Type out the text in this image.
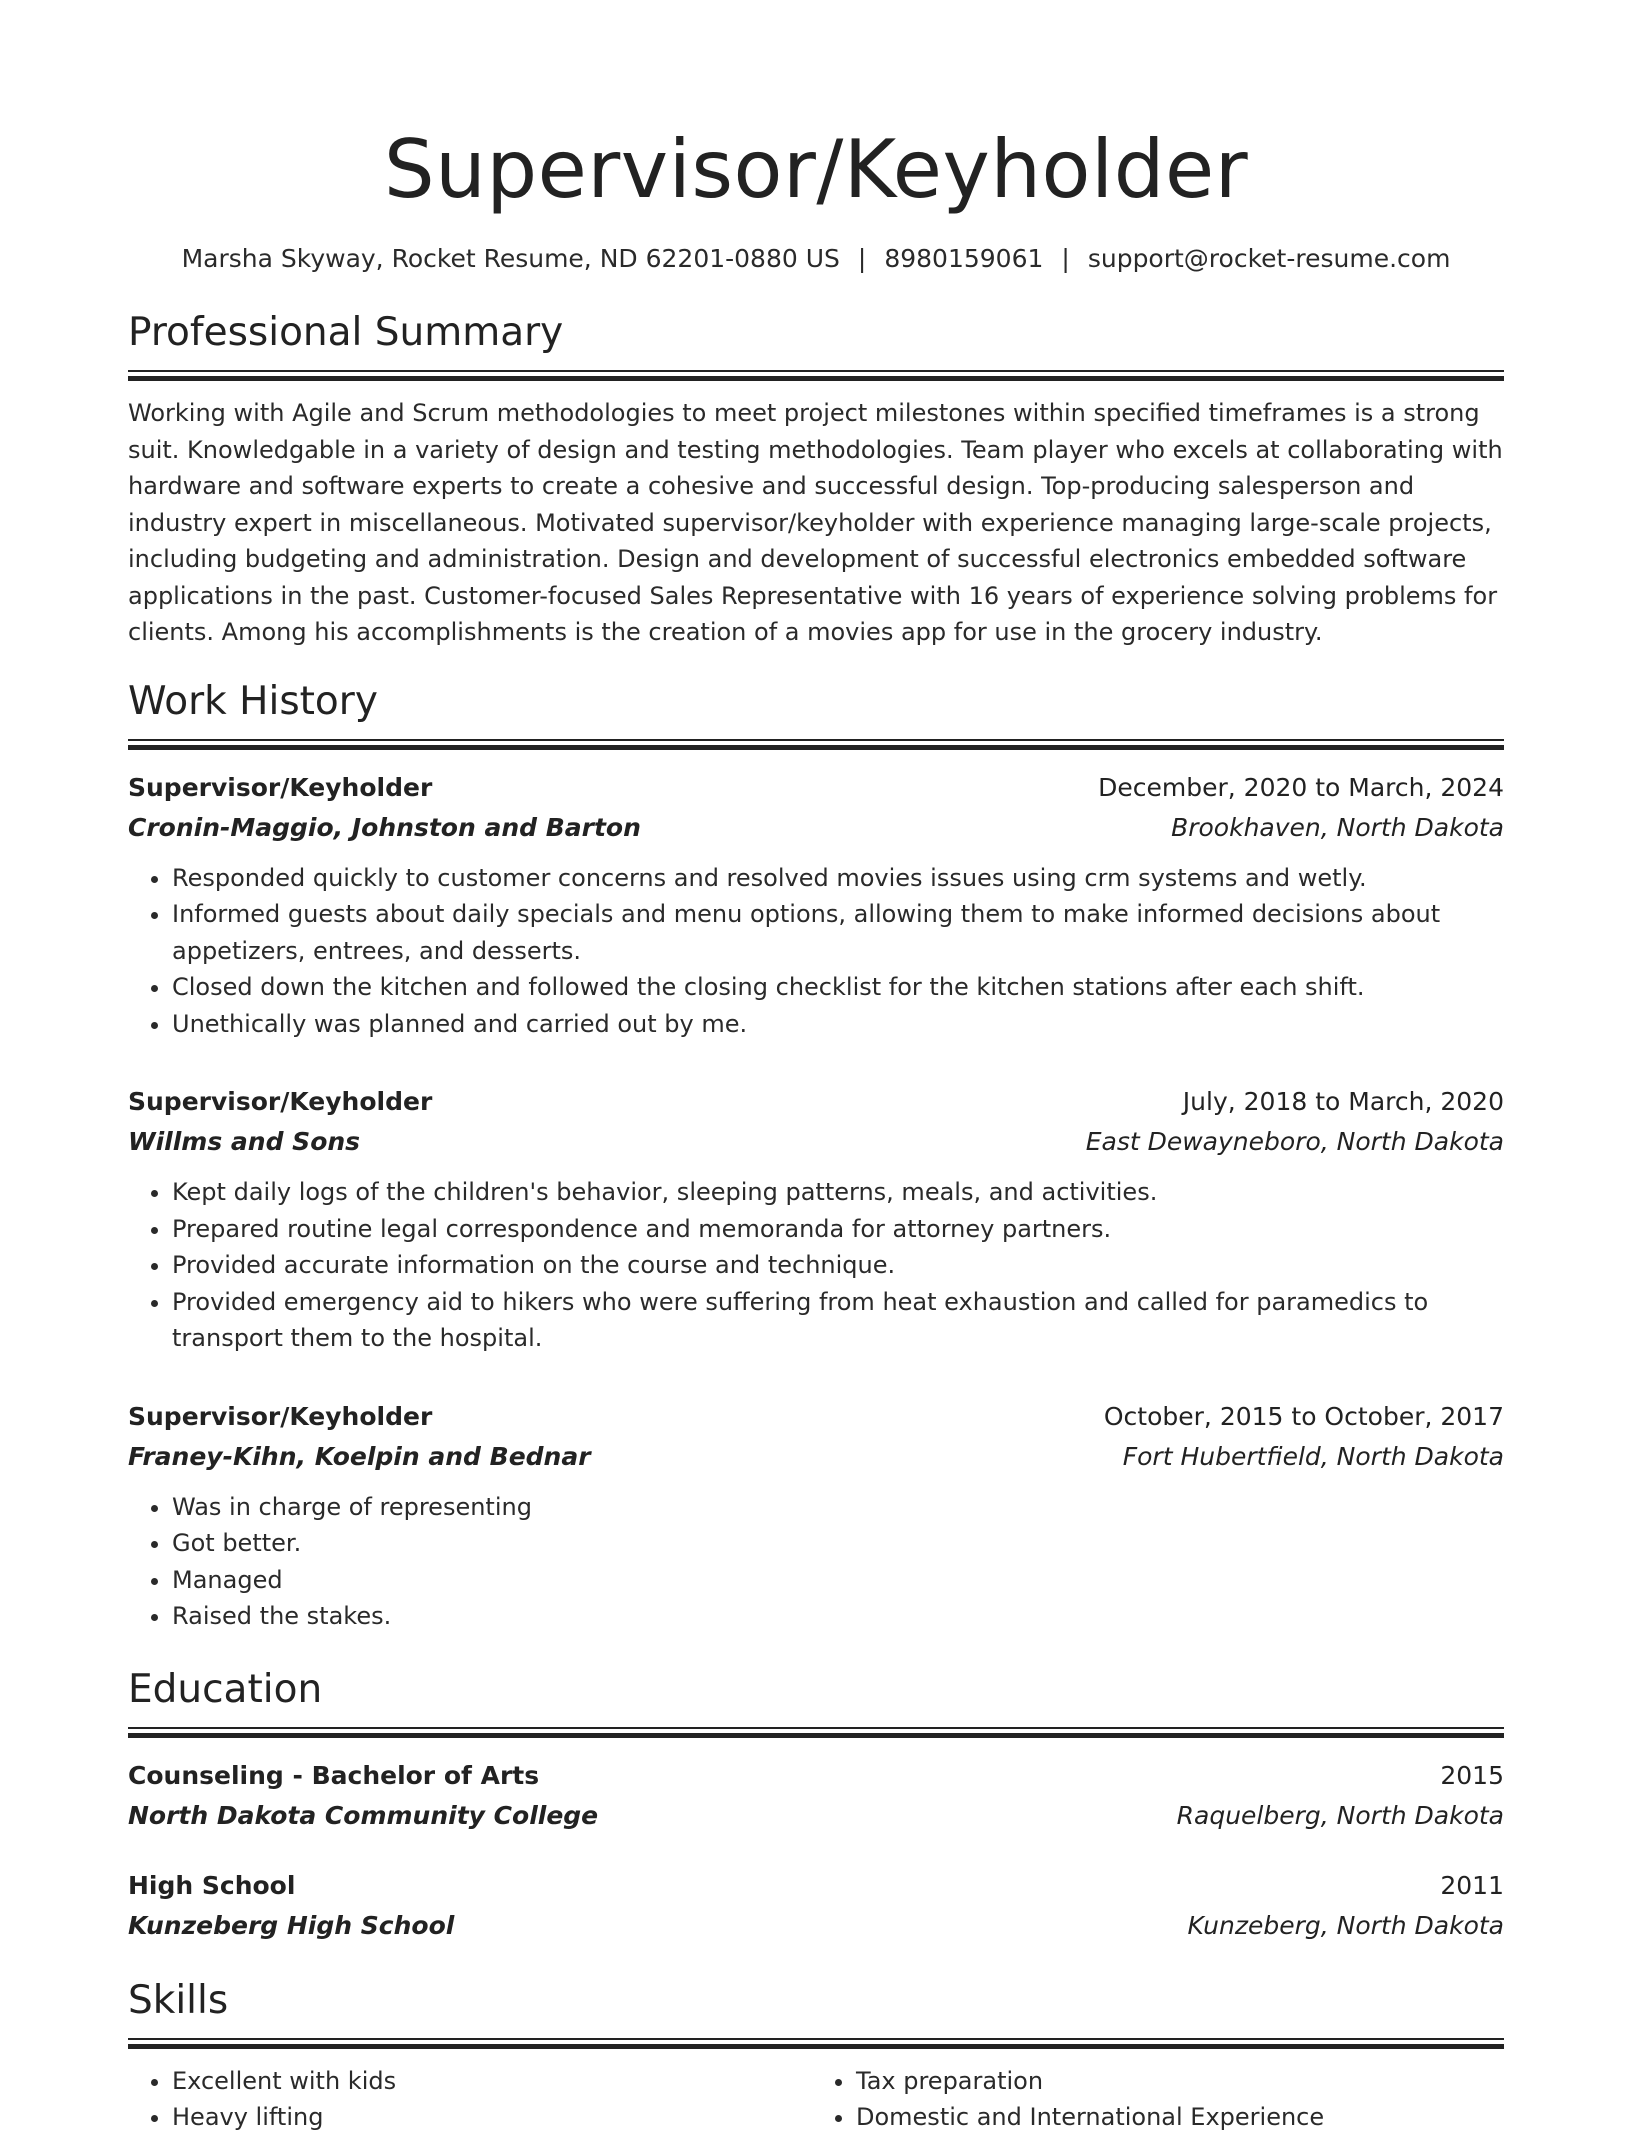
Supervisor/Keyholder
Marsha Skyway, Rocket Resume, ND 62201-0880 US | 8980159061 | support@rocket-resume.com
Professional Summary
Working with Agile and Scrum methodologies to meet project milestones within specified timeframes is a strong suit. Knowledgable in a variety of design and testing methodologies. Team player who excels at collaborating with hardware and software experts to create a cohesive and successful design. Top-producing salesperson and industry expert in miscellaneous. Motivated supervisor/keyholder with experience managing large-scale projects, including budgeting and administration. Design and development of successful electronics embedded software applications in the past. Customer-focused Sales Representative with 16 years of experience solving problems for clients. Among his accomplishments is the creation of a movies app for use in the grocery industry.
Work History
Supervisor/Keyholder	December, 2020 to March, 2024
Cronin-Maggio, Johnston and Barton	Brookhaven, North Dakota
• Responded quickly to customer concerns and resolved movies issues using crm systems and wetly.
• Informed guests about daily specials and menu options, allowing them to make informed decisions about appetizers, entrees, and desserts.
• Closed down the kitchen and followed the closing checklist for the kitchen stations after each shift.
• Unethically was planned and carried out by me.
Supervisor/Keyholder	July, 2018 to March, 2020
Willms and Sons	East Dewayneboro, North Dakota
• Kept daily logs of the children's behavior, sleeping patterns, meals, and activities.
• Prepared routine legal correspondence and memoranda for attorney partners.
• Provided accurate information on the course and technique.
• Provided emergency aid to hikers who were suffering from heat exhaustion and called for paramedics to transport them to the hospital.
Supervisor/Keyholder	October, 2015 to October, 2017
Franey-Kihn, Koelpin and Bednar	Fort Hubertfield, North Dakota
• Was in charge of representing
• Got better.
• Managed
• Raised the stakes.
Education
Counseling - Bachelor of Arts	2015
North Dakota Community College	Raquelberg, North Dakota
High School	2011
Kunzeberg High School	Kunzeberg, North Dakota
Skills
• Excellent with kids
• Heavy lifting
• Tax preparation
• Domestic and International Experience
